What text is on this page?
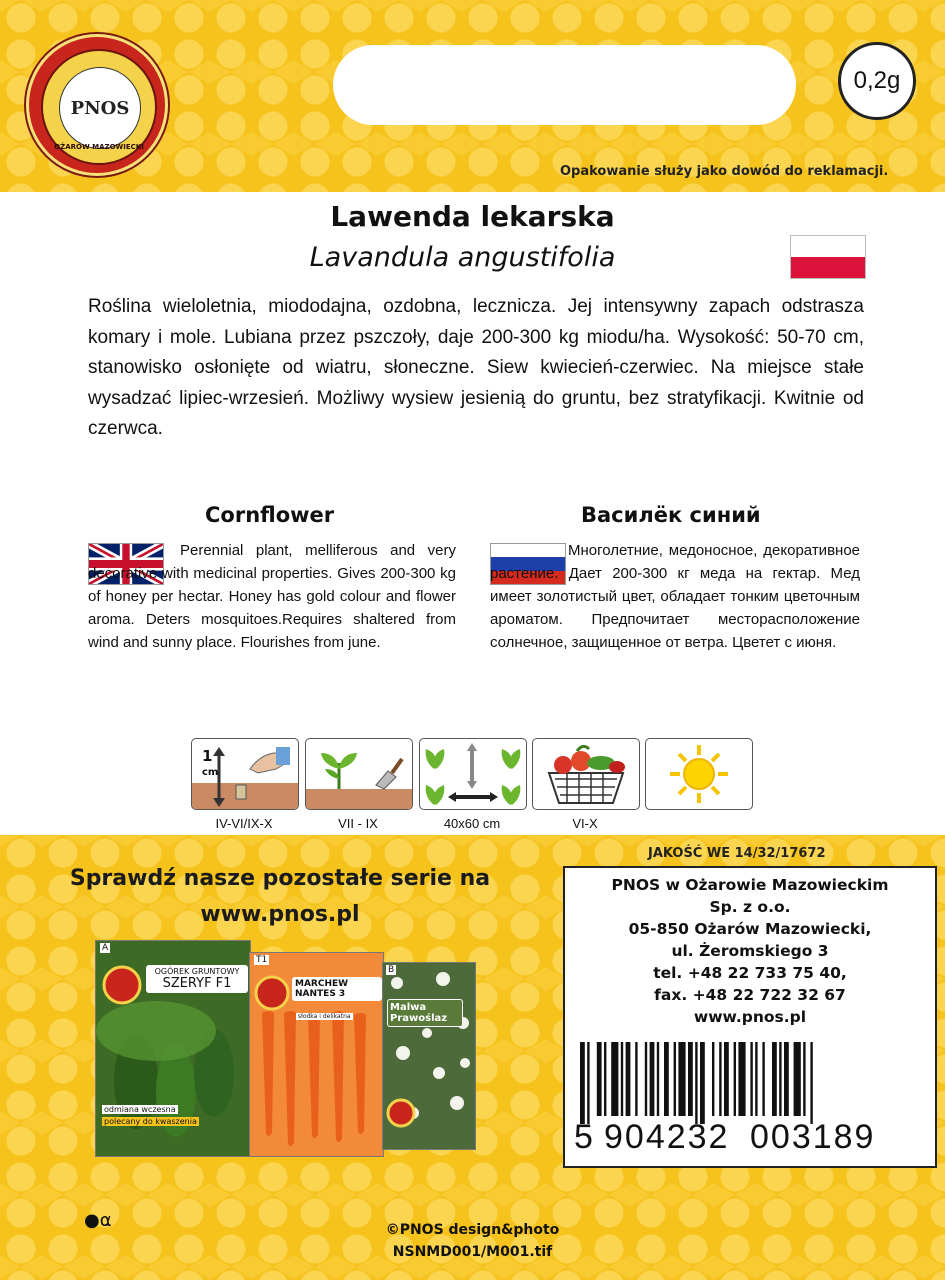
PNOS
OŻARÓW MAZOWIECKI
0,2g
Opakowanie służy jako dowód do reklamacji.
Lawenda lekarska
Lavandula angustifolia
Roślina wieloletnia, miododajna, ozdobna, lecznicza. Jej intensywny zapach odstrasza komary i mole. Lubiana przez pszczoły, daje 200-300 kg miodu/ha. Wysokość: 50-70 cm, stanowisko osłonięte od wiatru, słoneczne. Siew kwiecień-czerwiec. Na miejsce stałe wysadzać lipiec-wrzesień. Możliwy wysiew jesienią do gruntu, bez stratyfikacji. Kwitnie od czerwca.
Cornflower
Perennial plant, melliferous and very decorative with medicinal properties. Gives 200-300 kg of honey per hectar. Honey has gold colour and flower aroma. Deters mosquitoes.Requires shaltered from wind and sunny place. Flourishes from june.
Василёк синий
Многолетние, медоносное, декоративное растение. Дает 200-300 кг меда на гектар. Мед имеет золотистый цвет, обладает тонким цветочным ароматом. Предпочитает месторасположение солнечное, защищенное от ветра. Цветет с июня.
1
cm
IV-VI/IX-X	VII - IX	40x60 cm	VI-X
Sprawdź nasze pozostałe serie na
www.pnos.pl
A
OGÓREK GRUNTOWY
SZERYF F1
odmiana wczesna
polecany do kwaszenia
T1
MARCHEW
NANTES 3
słodka i delikatna
B
Malwa
Prawoślaz
JAKOŚĆ WE 14/32/17672
PNOS w Ożarowie Mazowieckim
Sp. z o.o.
05-850 Ożarów Mazowiecki,
ul. Żeromskiego 3
tel. +48 22 733 75 40,
fax. +48 22 722 32 67
www.pnos.pl
5 904232 003189
●⍺	©PNOS design&photo
NSNMD001/M001.tif
